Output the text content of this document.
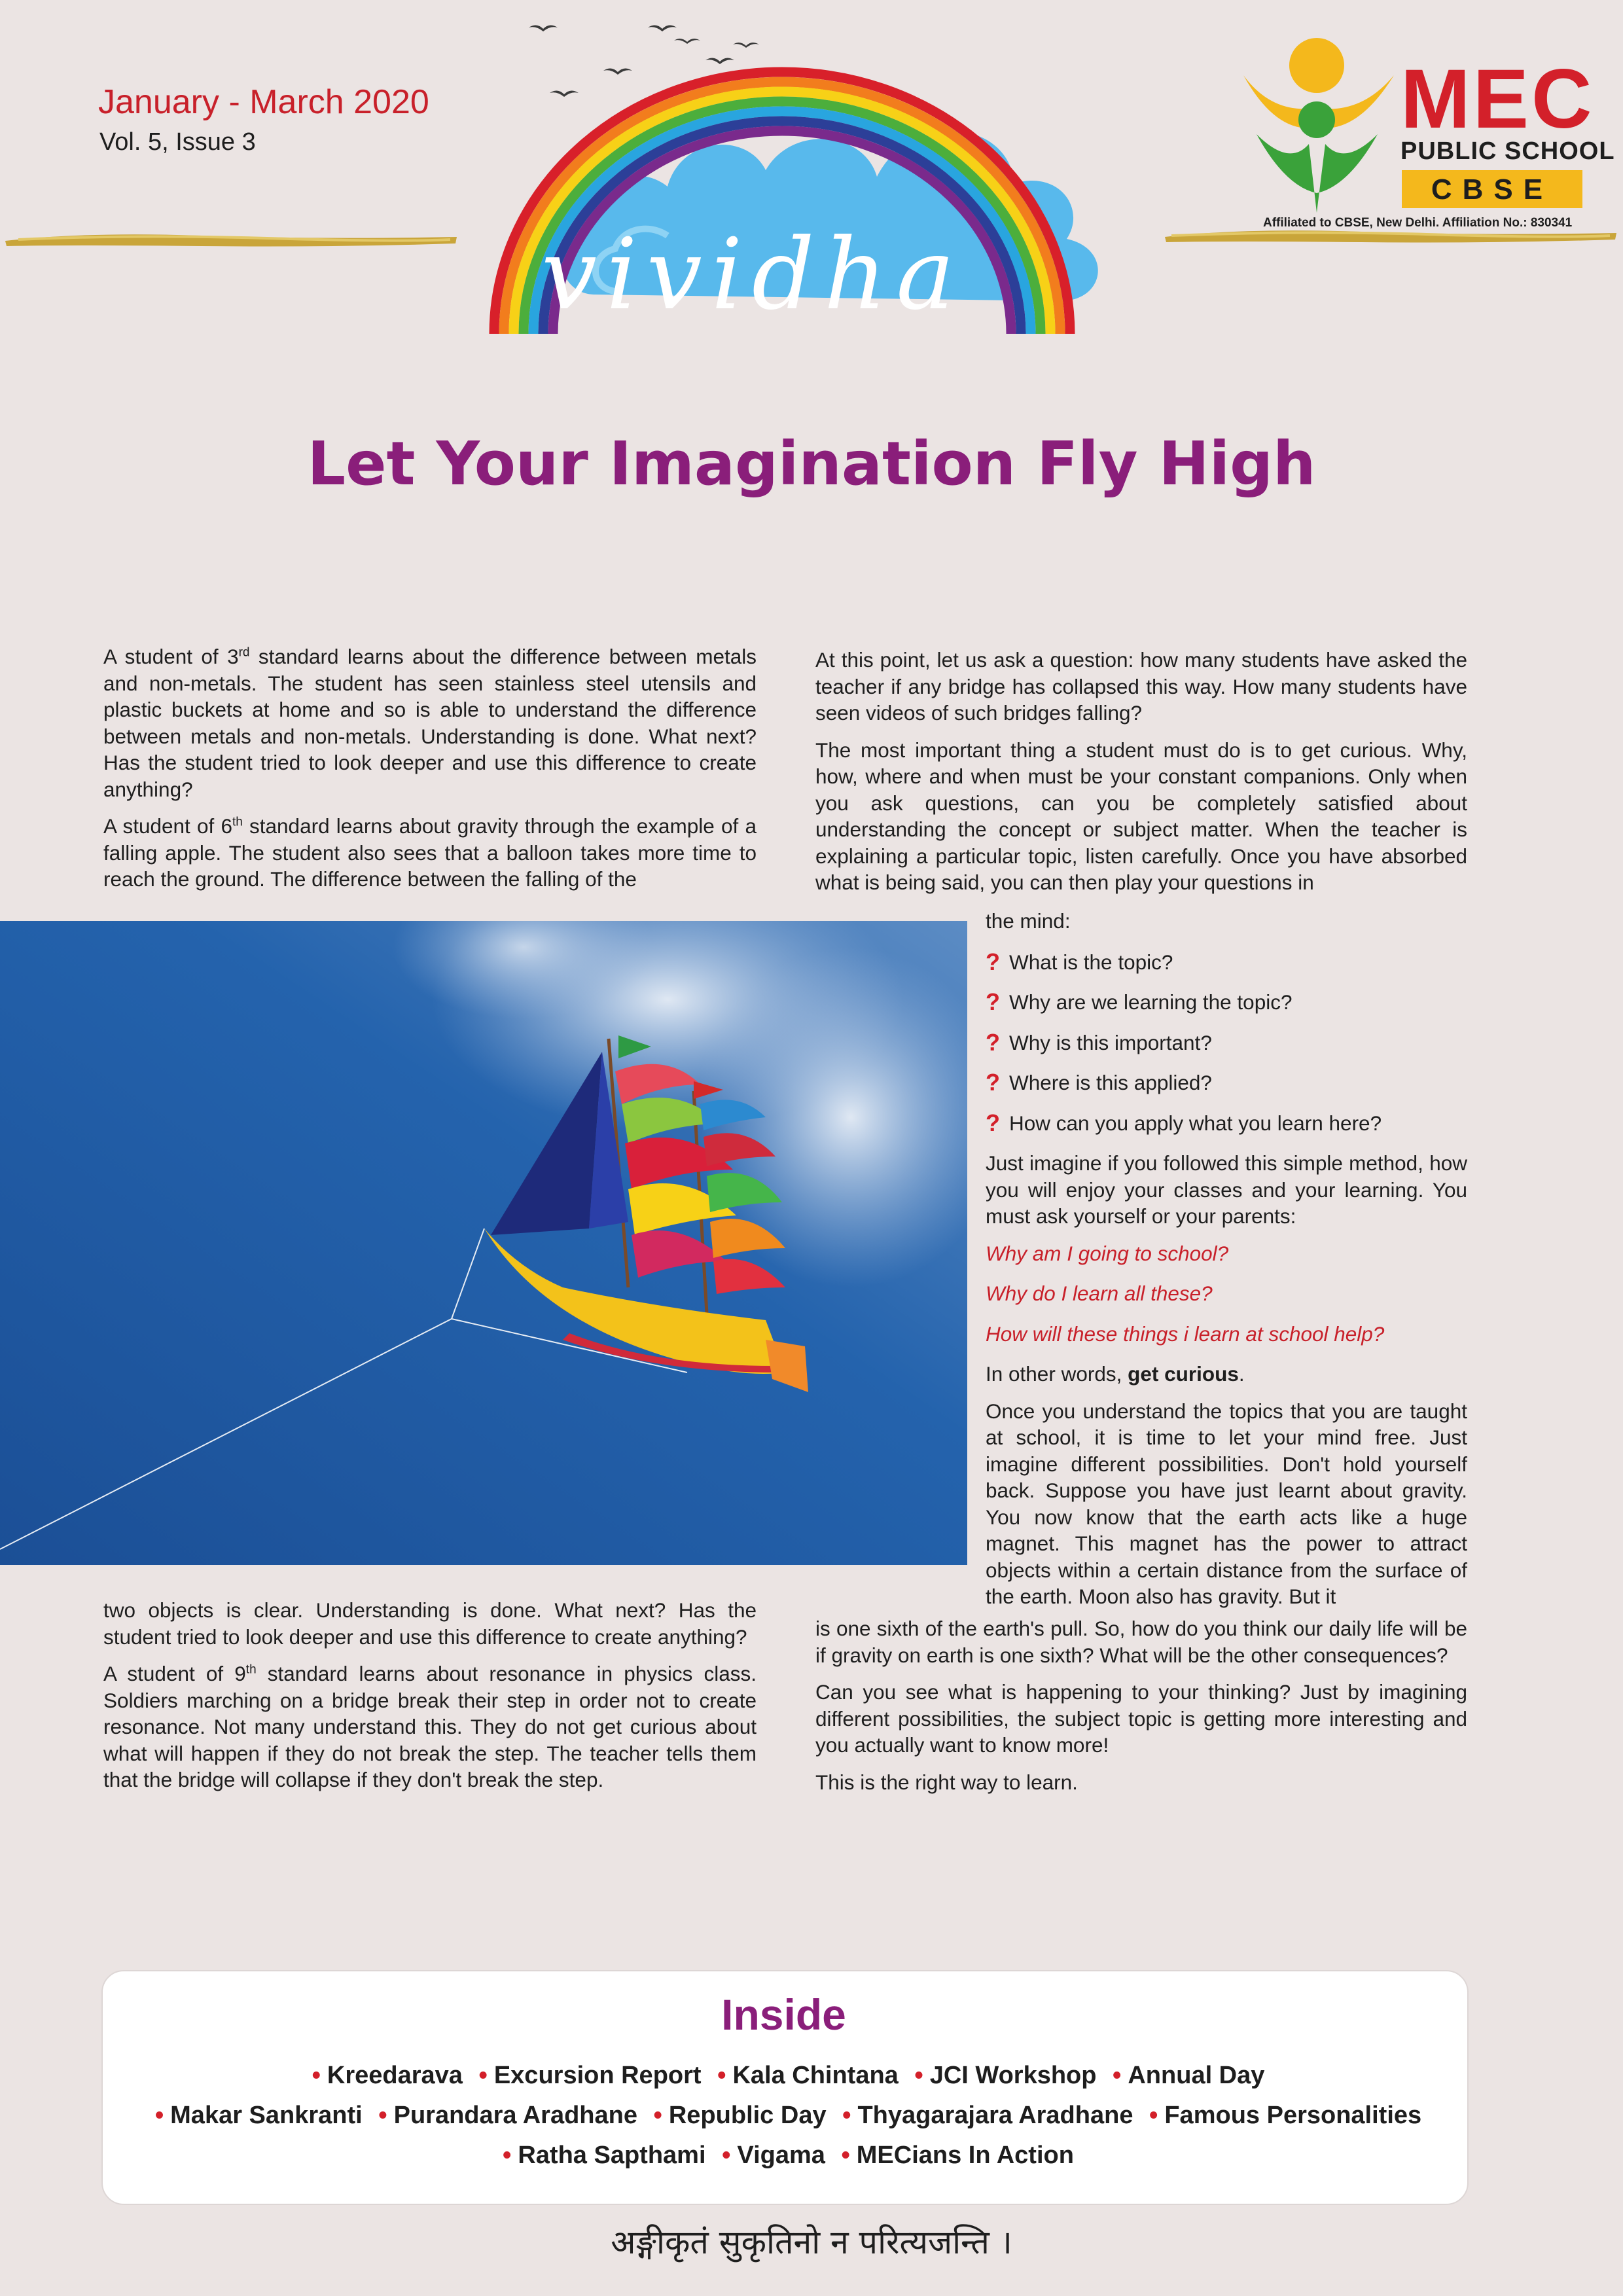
January - March 2020
Vol. 5, Issue 3
vividha
MEC
PUBLIC SCHOOL
CBSE
Affiliated to CBSE, New Delhi. Affiliation No.: 830341
Let Your Imagination Fly High

A student of 3rd standard learns about the difference between metals and non-metals. The student has seen stainless steel utensils and plastic buckets at home and so is able to understand the difference between metals and non-metals. Understanding is done. What next? Has the student tried to look deeper and use this difference to create anything?

A student of 6th standard learns about gravity through the example of a falling apple. The student also sees that a balloon takes more time to reach the ground. The difference between the falling of the

two objects is clear. Understanding is done. What next? Has the student tried to look deeper and use this difference to create anything?

A student of 9th standard learns about resonance in physics class. Soldiers marching on a bridge break their step in order not to create resonance. Not many understand this. They do not get curious about what will happen if they do not break the step. The teacher tells them that the bridge will collapse if they don't break the step.

At this point, let us ask a question: how many students have asked the teacher if any bridge has collapsed this way. How many students have seen videos of such bridges falling?

The most important thing a student must do is to get curious. Why, how, where and when must be your constant companions. Only when you ask questions, can you be completely satisfied about understanding the concept or subject matter. When the teacher is explaining a particular topic, listen carefully. Once you have absorbed what is being said, you can then play your questions in

the mind:

? What is the topic?
? Why are we learning the topic?
? Why is this important?
? Where is this applied?
? How can you apply what you learn here?

Just imagine if you followed this simple method, how you will enjoy your classes and your learning. You must ask yourself or your parents:

Why am I going to school?

Why do I learn all these?

How will these things i learn at school help?

In other words, get curious.

Once you understand the topics that you are taught at school, it is time to let your mind free. Just imagine different possibilities. Don't hold yourself back. Suppose you have just learnt about gravity. You now know that the earth acts like a huge magnet. This magnet has the power to attract objects within a certain distance from the surface of the earth. Moon also has gravity. But it

is one sixth of the earth's pull. So, how do you think our daily life will be if gravity on earth is one sixth? What will be the other consequences?

Can you see what is happening to your thinking? Just by imagining different possibilities, the subject topic is getting more interesting and you actually want to know more!

This is the right way to learn.

Inside
• Kreedarava • Excursion Report • Kala Chintana • JCI Workshop • Annual Day
• Makar Sankranti • Purandara Aradhane • Republic Day • Thyagarajara Aradhane • Famous Personalities
• Ratha Sapthami • Vigama • MECians In Action
अङ्गीकृतं सुकृतिनो न परित्यजन्ति ।
